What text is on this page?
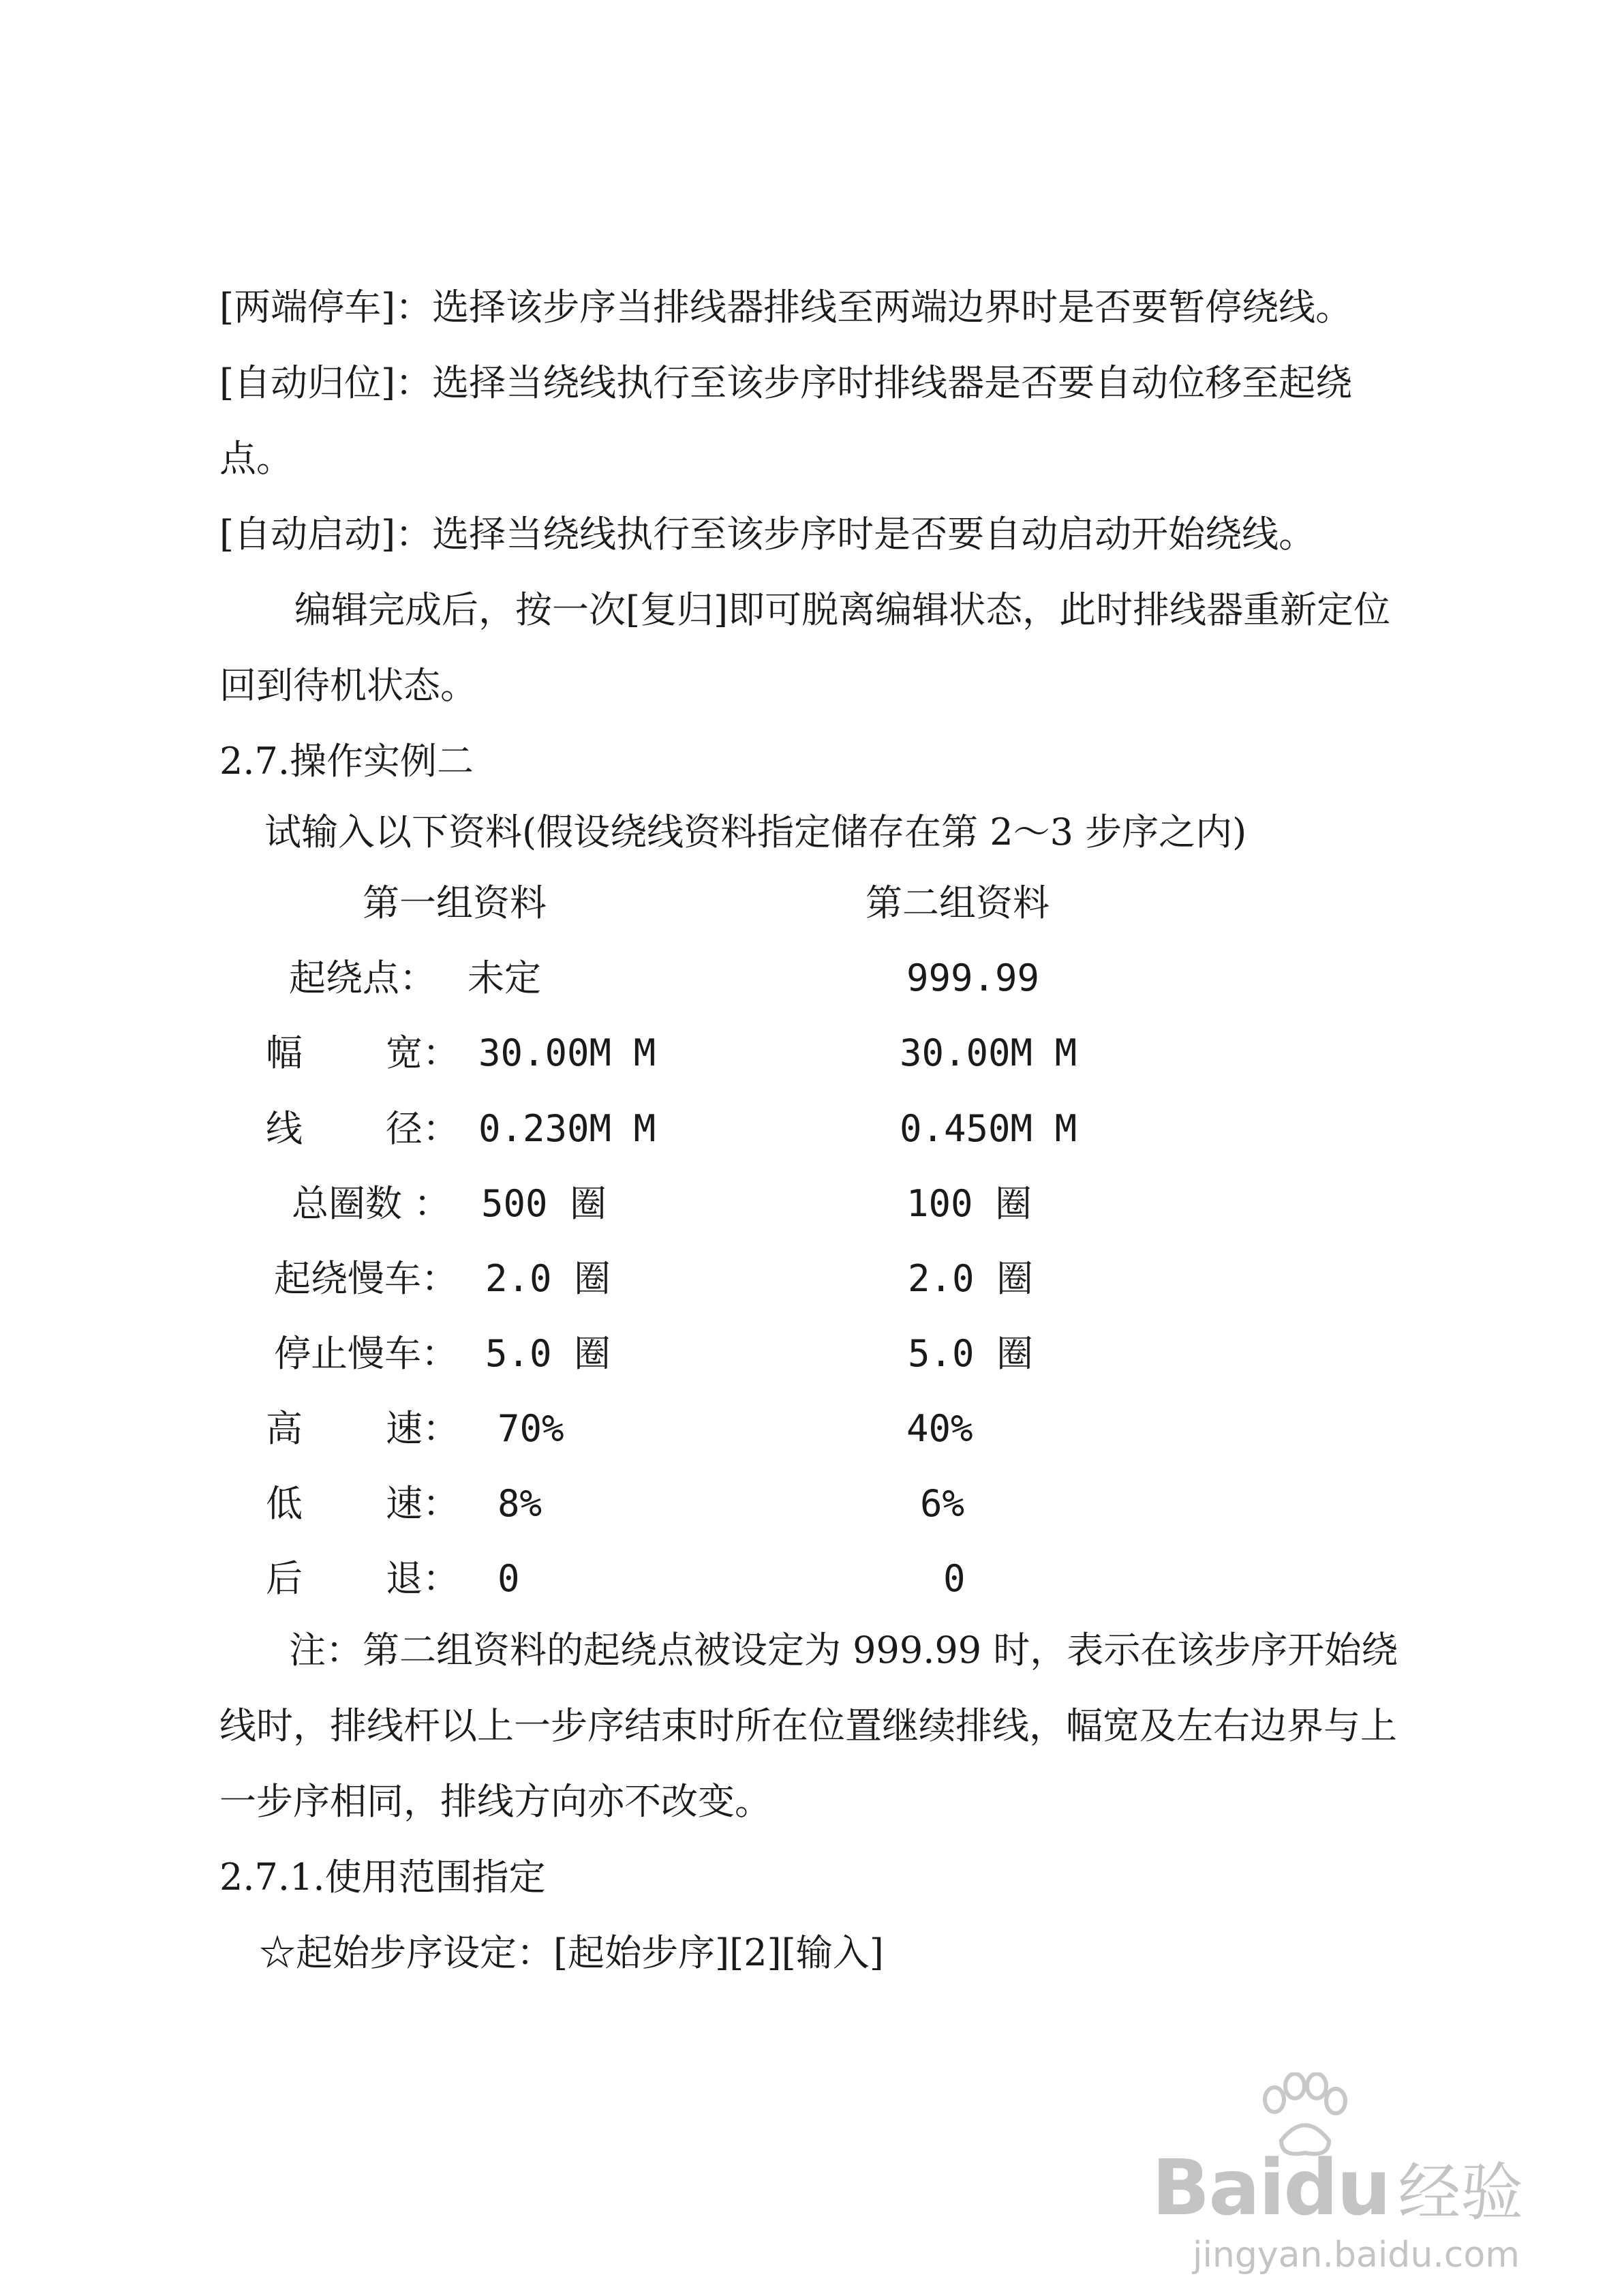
[两端停车]：选择该步序当排线器排线至两端边界时是否要暂停绕线。
[自动归位]：选择当绕线执行至该步序时排线器是否要自动位移至起绕
点。
[自动启动]：选择当绕线执行至该步序时是否要自动启动开始绕线。
编辑完成后，按一次[复归]即可脱离编辑状态，此时排线器重新定位
回到待机状态。
2.7.操作实例二
试输入以下资料(假设绕线资料指定储存在第 2～3 步序之内)
第一组资料	第二组资料
起绕点： 未定	999.99
幅 宽： 30.00M M	30.00M M
线 径： 0.230M M	0.450M M
总圈数 ： 500 圈	100 圈
起绕慢车： 2.0 圈	2.0 圈
停止慢车： 5.0 圈	5.0 圈
高 速： 70%	40%
低 速： 8%	6%
后 退： 0	0
注：第二组资料的起绕点被设定为 999.99 时，表示在该步序开始绕
线时，排线杆以上一步序结束时所在位置继续排线，幅宽及左右边界与上
一步序相同，排线方向亦不改变。
2.7.1.使用范围指定
☆起始步序设定：[起始步序][2][输入]
Baidu 经验
jingyan.baidu.com
